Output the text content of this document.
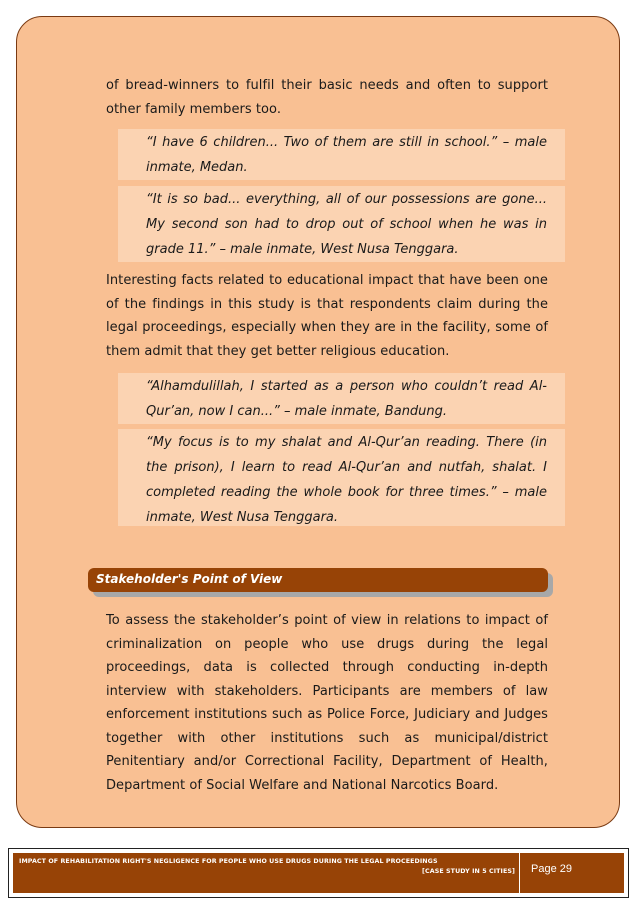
of bread-winners to fulfil their basic needs and often to support other family members too.

“I have 6 children... Two of them are still in school.” – male inmate, Medan.

“It is so bad... everything, all of our possessions are gone... My second son had to drop out of school when he was in grade 11.” – male inmate, West Nusa Tenggara.

Interesting facts related to educational impact that have been one of the findings in this study is that respondents claim during the legal proceedings, especially when they are in the facility, some of them admit that they get better religious education.

“Alhamdulillah, I started as a person who couldn’t read Al-Qur’an, now I can...” – male inmate, Bandung.

“My focus is to my shalat and Al-Qur’an reading. There (in the prison), I learn to read Al-Qur’an and nutfah, shalat. I completed reading the whole book for three times.” – male inmate, West Nusa Tenggara.

Stakeholder's Point of View

To assess the stakeholder’s point of view in relations to impact of criminalization on people who use drugs during the legal proceedings, data is collected through conducting in-depth interview with stakeholders. Participants are members of law enforcement institutions such as Police Force, Judiciary and Judges together with other institutions such as municipal/district Penitentiary and/or Correctional Facility, Department of Health, Department of Social Welfare and National Narcotics Board.

IMPACT OF REHABILITATION RIGHT'S NEGLIGENCE FOR PEOPLE WHO USE DRUGS DURING THE LEGAL PROCEEDINGS
[CASE STUDY IN 5 CITIES] Page 29
